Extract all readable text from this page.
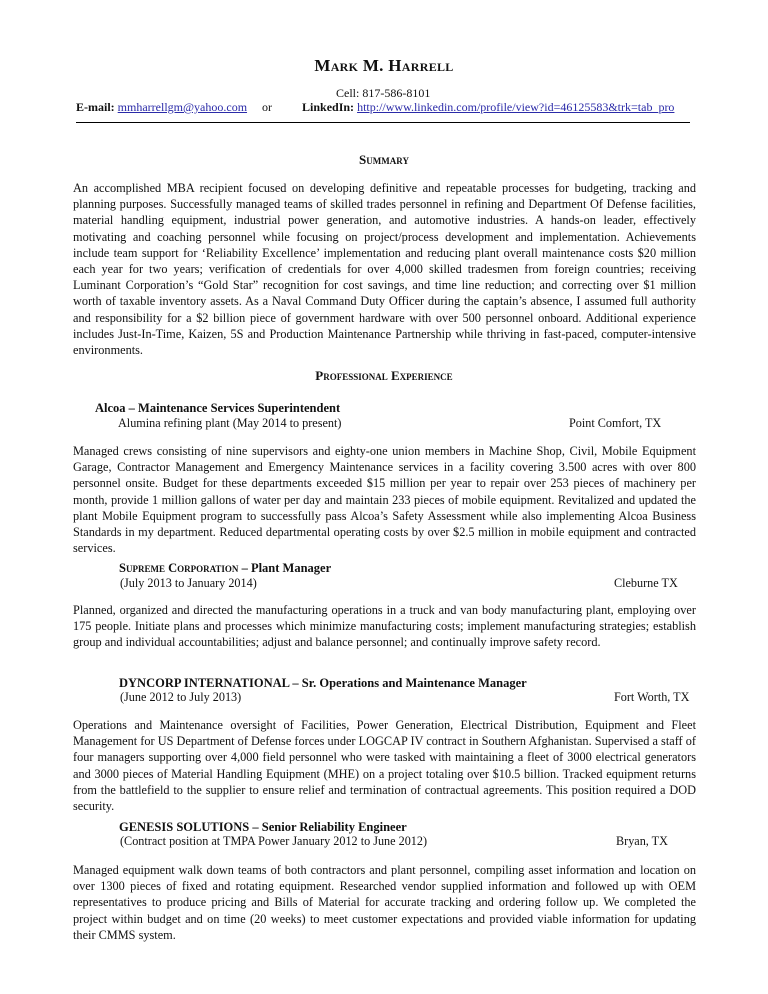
Mark M. Harrell
Cell: 817-586-8101
E-mail: mmharrellgm@yahoo.com or	LinkedIn: http://www.linkedin.com/profile/view?id=46125583&trk=tab_pro
Summary
An accomplished MBA recipient focused on developing definitive and repeatable processes for budgeting, tracking and planning purposes. Successfully managed teams of skilled trades personnel in refining and Department Of Defense facilities, material handling equipment, industrial power generation, and automotive industries. A hands-on leader, effectively motivating and coaching personnel while focusing on project/process development and implementation. Achievements include team support for ‘Reliability Excellence’ implementation and reducing plant overall maintenance costs $20 million each year for two years; verification of credentials for over 4,000 skilled tradesmen from foreign countries; receiving Luminant Corporation’s “Gold Star” recognition for cost savings, and time line reduction; and correcting over $1 million worth of taxable inventory assets. As a Naval Command Duty Officer during the captain’s absence, I assumed full authority and responsibility for a $2 billion piece of government hardware with over 500 personnel onboard. Additional experience includes Just-In-Time, Kaizen, 5S and Production Maintenance Partnership while thriving in fast-paced, computer-intensive environments.
Professional Experience
Alcoa – Maintenance Services Superintendent
Alumina refining plant (May 2014 to present)	Point Comfort, TX
Managed crews consisting of nine supervisors and eighty-one union members in Machine Shop, Civil, Mobile Equipment Garage, Contractor Management and Emergency Maintenance services in a facility covering 3.500 acres with over 800 personnel onsite. Budget for these departments exceeded $15 million per year to repair over 253 pieces of machinery per month, provide 1 million gallons of water per day and maintain 233 pieces of mobile equipment. Revitalized and updated the plant Mobile Equipment program to successfully pass Alcoa’s Safety Assessment while also implementing Alcoa Business Standards in my department. Reduced departmental operating costs by over $2.5 million in mobile equipment and contracted services.
Supreme Corporation – Plant Manager
(July 2013 to January 2014)	Cleburne TX
Planned, organized and directed the manufacturing operations in a truck and van body manufacturing plant, employing over 175 people. Initiate plans and processes which minimize manufacturing costs; implement manufacturing strategies; establish group and individual accountabilities; adjust and balance personnel; and continually improve safety record.
DYNCORP INTERNATIONAL – Sr. Operations and Maintenance Manager
(June 2012 to July 2013)	Fort Worth, TX
Operations and Maintenance oversight of Facilities, Power Generation, Electrical Distribution, Equipment and Fleet Management for US Department of Defense forces under LOGCAP IV contract in Southern Afghanistan. Supervised a staff of four managers supporting over 4,000 field personnel who were tasked with maintaining a fleet of 3000 electrical generators and 3000 pieces of Material Handling Equipment (MHE) on a project totaling over $10.5 billion. Tracked equipment returns from the battlefield to the supplier to ensure relief and termination of contractual agreements. This position required a DOD security.
GENESIS SOLUTIONS – Senior Reliability Engineer
(Contract position at TMPA Power January 2012 to June 2012)	Bryan, TX
Managed equipment walk down teams of both contractors and plant personnel, compiling asset information and location on over 1300 pieces of fixed and rotating equipment. Researched vendor supplied information and followed up with OEM representatives to produce pricing and Bills of Material for accurate tracking and ordering follow up. We completed the project within budget and on time (20 weeks) to meet customer expectations and provided viable information for updating their CMMS system.
